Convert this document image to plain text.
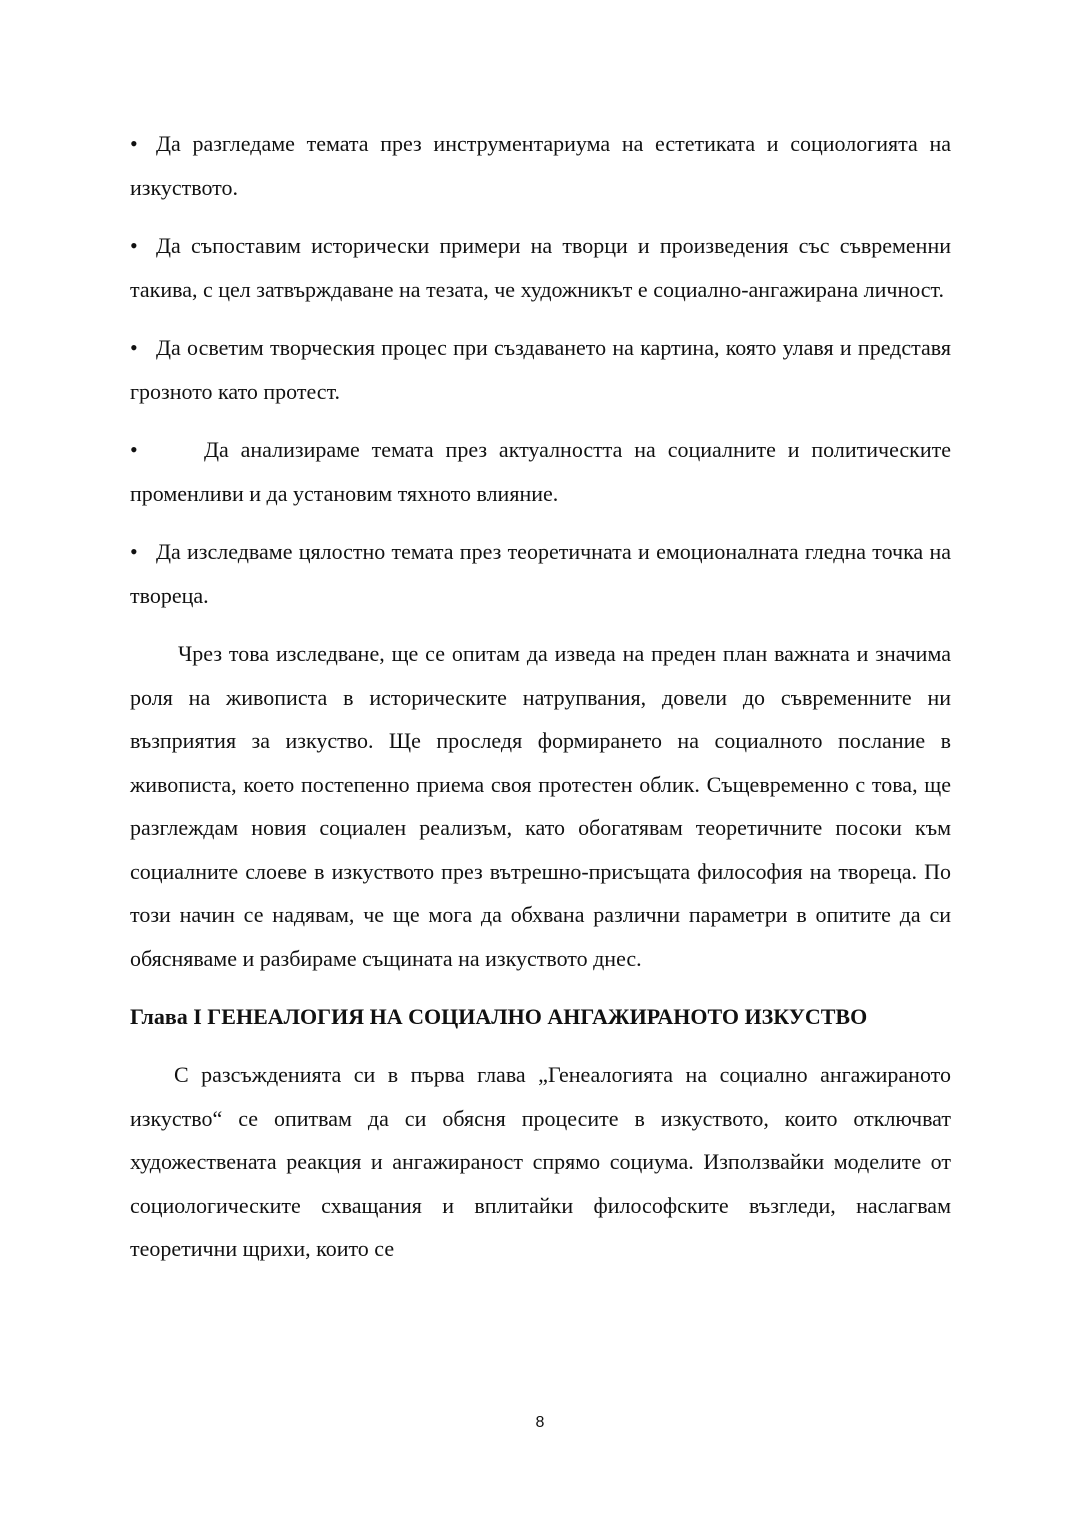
• Да разгледаме темата през инструментариума на естетиката и социологията на изкуството.

• Да съпоставим исторически примери на творци и произведения със съвременни такива, с цел затвърждаване на тезата, че художникът е социално-ангажирана личност.

• Да осветим творческия процес при създаването на картина, която улавя и представя грозното като протест.

•	Да анализираме темата през актуалността на социалните и политическите променливи и да установим тяхното влияние.

• Да изследваме цялостно темата през теоретичната и емоционалната гледна точка на твореца.

Чрез това изследване, ще се опитам да изведа на преден план важната и значима роля на живописта в историческите натрупвания, довели до съвременните ни възприятия за изкуство. Ще проследя формирането на социалното послание в живописта, което постепенно приема своя протестен облик. Същевременно с това, ще разглеждам новия социален реализъм, като обогатявам теоретичните посоки към социалните слоеве в изкуството през вътрешно-присъщата философия на твореца. По този начин се надявам, че ще мога да обхвана различни параметри в опитите да си обясняваме и разбираме същината на изкуството днес.

Глава I ГЕНЕАЛОГИЯ НА СОЦИАЛНО АНГАЖИРАНОТО ИЗКУСТВО

С разсъжденията си в първа глава „Генеалогията на социално ангажираното изкуство“ се опитвам да си обясня процесите в изкуството, които отключват художествената реакция и ангажираност спрямо социума. Използвайки моделите от социологическите схващания и вплитайки философските възгледи, наслагвам теоретични щрихи, които се

8
